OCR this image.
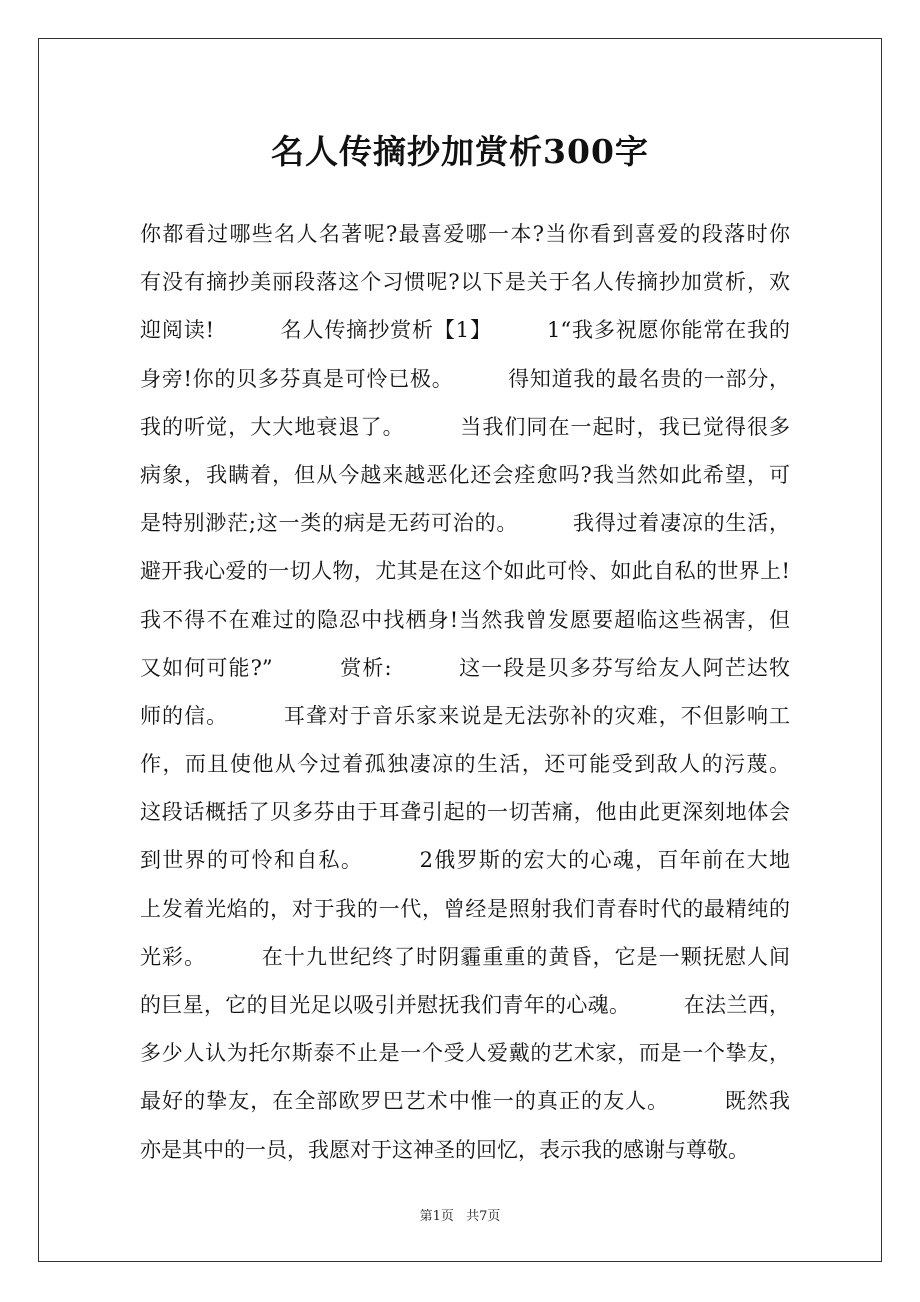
名人传摘抄加赏析300字
你都看过哪些名人名著呢?最喜爱哪一本?当你看到喜爱的段落时你
有没有摘抄美丽段落这个习惯呢?以下是关于名人传摘抄加赏析，欢
迎阅读!　　　名人传摘抄赏析【1】　　　1“我多祝愿你能常在我的
身旁!你的贝多芬真是可怜已极。　　　得知道我的最名贵的一部分，
我的听觉，大大地衰退了。　　　当我们同在一起时，我已觉得很多
病象，我瞒着，但从今越来越恶化还会痊愈吗?我当然如此希望，可
是特别渺茫;这一类的病是无药可治的。　　　我得过着凄凉的生活，
避开我心爱的一切人物，尤其是在这个如此可怜、如此自私的世界上!
我不得不在难过的隐忍中找栖身!当然我曾发愿要超临这些祸害，但
又如何可能?”　　　赏析:　　　这一段是贝多芬写给友人阿芒达牧
师的信。　　　耳聋对于音乐家来说是无法弥补的灾难，不但影响工
作，而且使他从今过着孤独凄凉的生活，还可能受到敌人的污蔑。
这段话概括了贝多芬由于耳聋引起的一切苦痛，他由此更深刻地体会
到世界的可怜和自私。　　　2俄罗斯的宏大的心魂，百年前在大地
上发着光焰的，对于我的一代，曾经是照射我们青春时代的最精纯的
光彩。　　　在十九世纪终了时阴霾重重的黄昏，它是一颗抚慰人间
的巨星，它的目光足以吸引并慰抚我们青年的心魂。　　　在法兰西，
多少人认为托尔斯泰不止是一个受人爱戴的艺术家，而是一个挚友，
最好的挚友，在全部欧罗巴艺术中惟一的真正的友人。　　　既然我
亦是其中的一员，我愿对于这神圣的回忆，表示我的感谢与尊敬。
第1页 共7页
